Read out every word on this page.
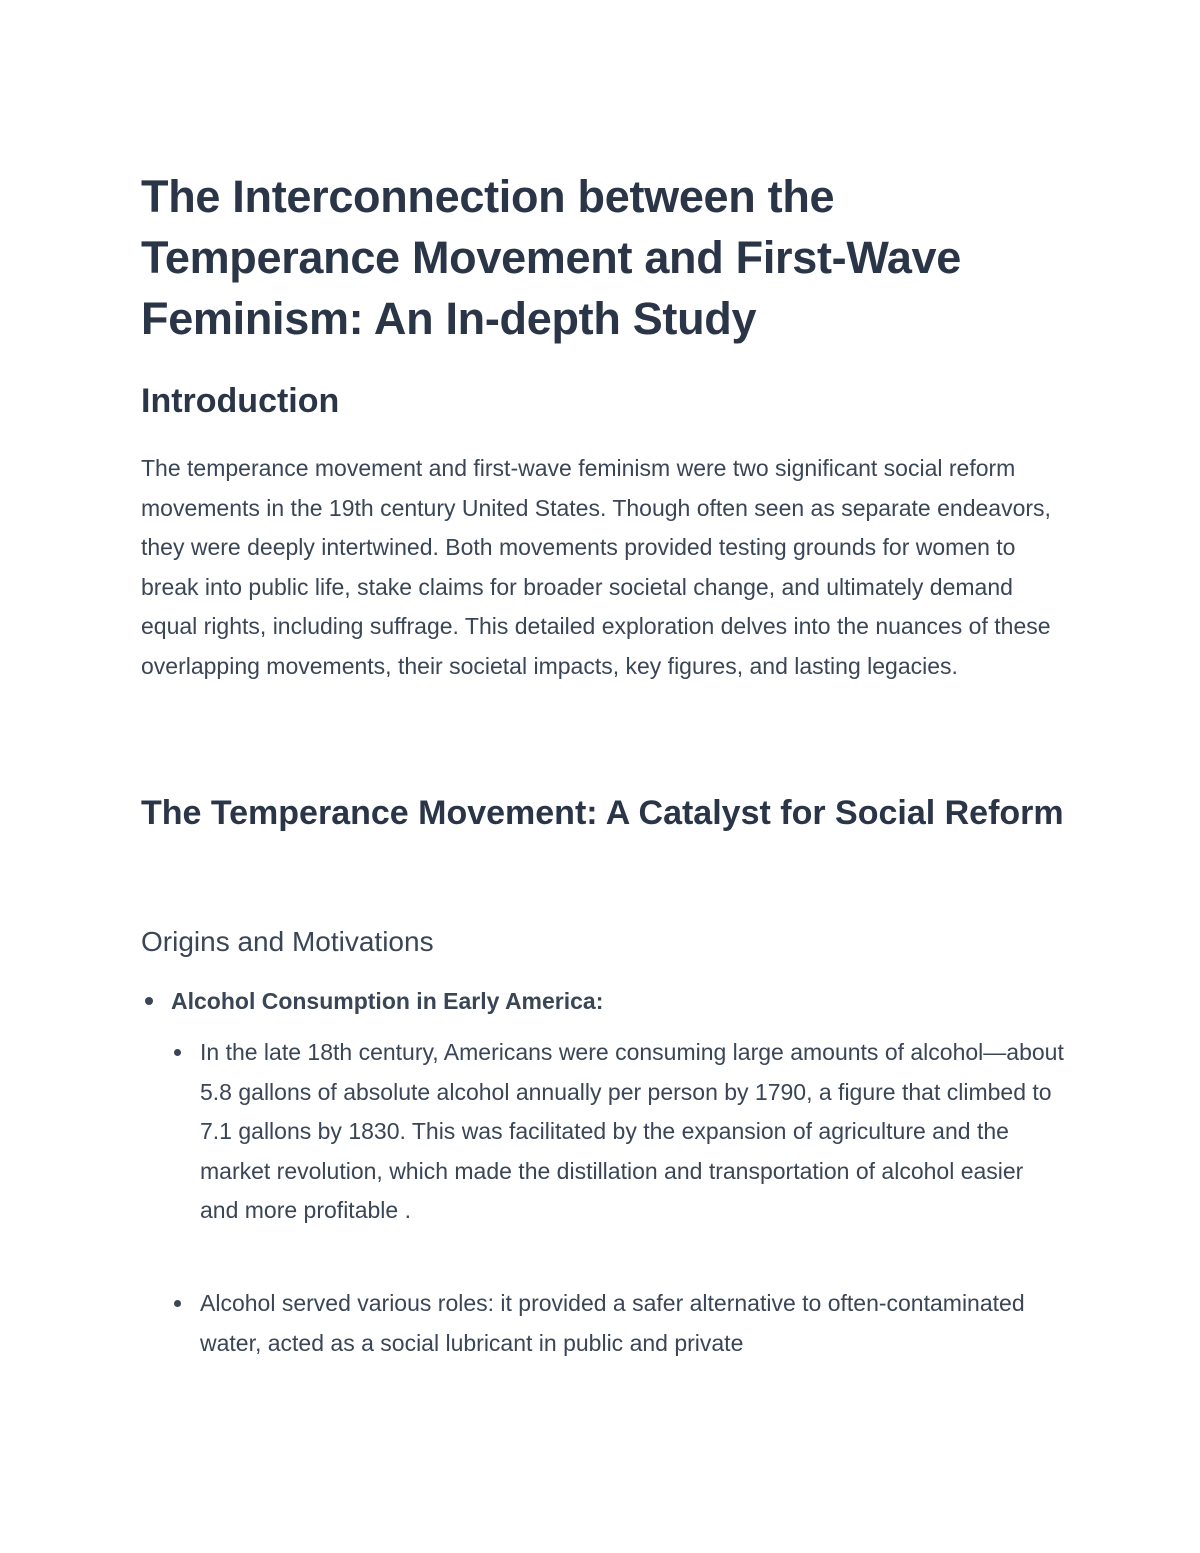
The Interconnection between the Temperance Movement and First-Wave Feminism: An In-depth Study
Introduction

The temperance movement and first-wave feminism were two significant social reform movements in the 19th century United States. Though often seen as separate endeavors, they were deeply intertwined. Both movements provided testing grounds for women to break into public life, stake claims for broader societal change, and ultimately demand equal rights, including suffrage. This detailed exploration delves into the nuances of these overlapping movements, their societal impacts, key figures, and lasting legacies.

The Temperance Movement: A Catalyst for Social Reform
Origins and Motivations
Alcohol Consumption in Early America:

In the late 18th century, Americans were consuming large amounts of alcohol—about 5.8 gallons of absolute alcohol annually per person by 1790, a figure that climbed to 7.1 gallons by 1830. This was facilitated by the expansion of agriculture and the market revolution, which made the distillation and transportation of alcohol easier and more profitable .

Alcohol served various roles: it provided a safer alternative to often-contaminated water, acted as a social lubricant in public and private
